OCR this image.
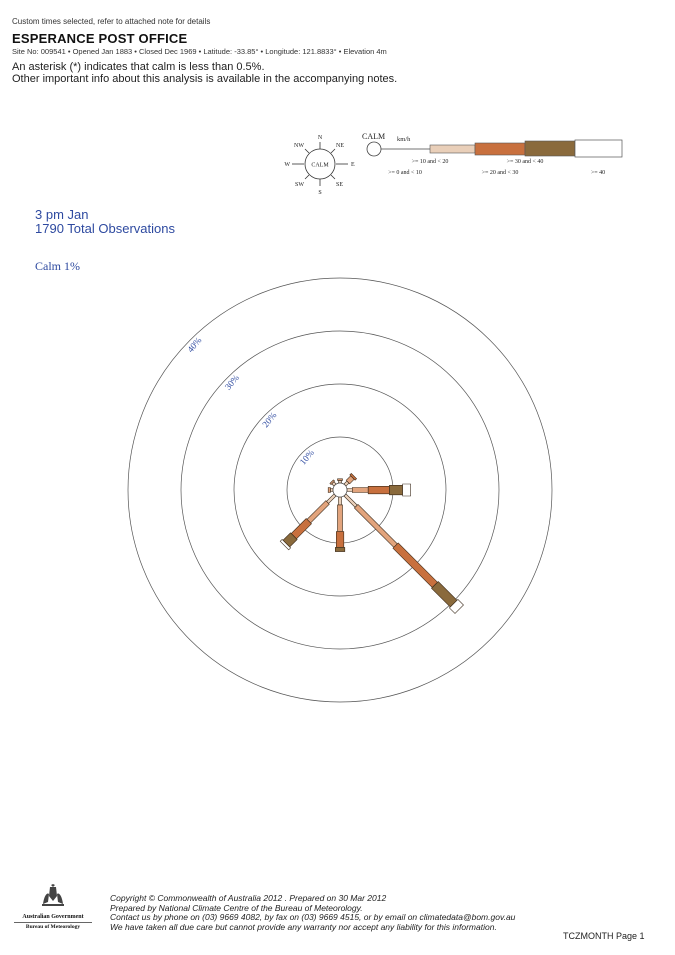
Custom times selected, refer to attached note for details
ESPERANCE POST OFFICE
Site No: 009541 • Opened Jan 1883 • Closed Dec 1969 • Latitude: -33.85° • Longitude: 121.8833° • Elevation 4m
An asterisk (*) indicates that calm is less than 0.5%.
Other important info about this analysis is available in the accompanying notes.
CALM
N
NE
E
SE
S
SW
W
NW
CALM km/h
>= 10 and < 20	>= 30 and < 40
>= 0 and < 10	>= 20 and < 30	>= 40
3 pm Jan
1790 Total Observations
Calm 1%
10%
20%
30%
40%
Australian Government
Bureau of Meteorology
Copyright © Commonwealth of Australia 2012 . Prepared on 30 Mar 2012
Prepared by National Climate Centre of the Bureau of Meteorology.
Contact us by phone on (03) 9669 4082, by fax on (03) 9669 4515, or by email on climatedata@bom.gov.au
We have taken all due care but cannot provide any warranty nor accept any liability for this information.
TCZMONTH Page 1
